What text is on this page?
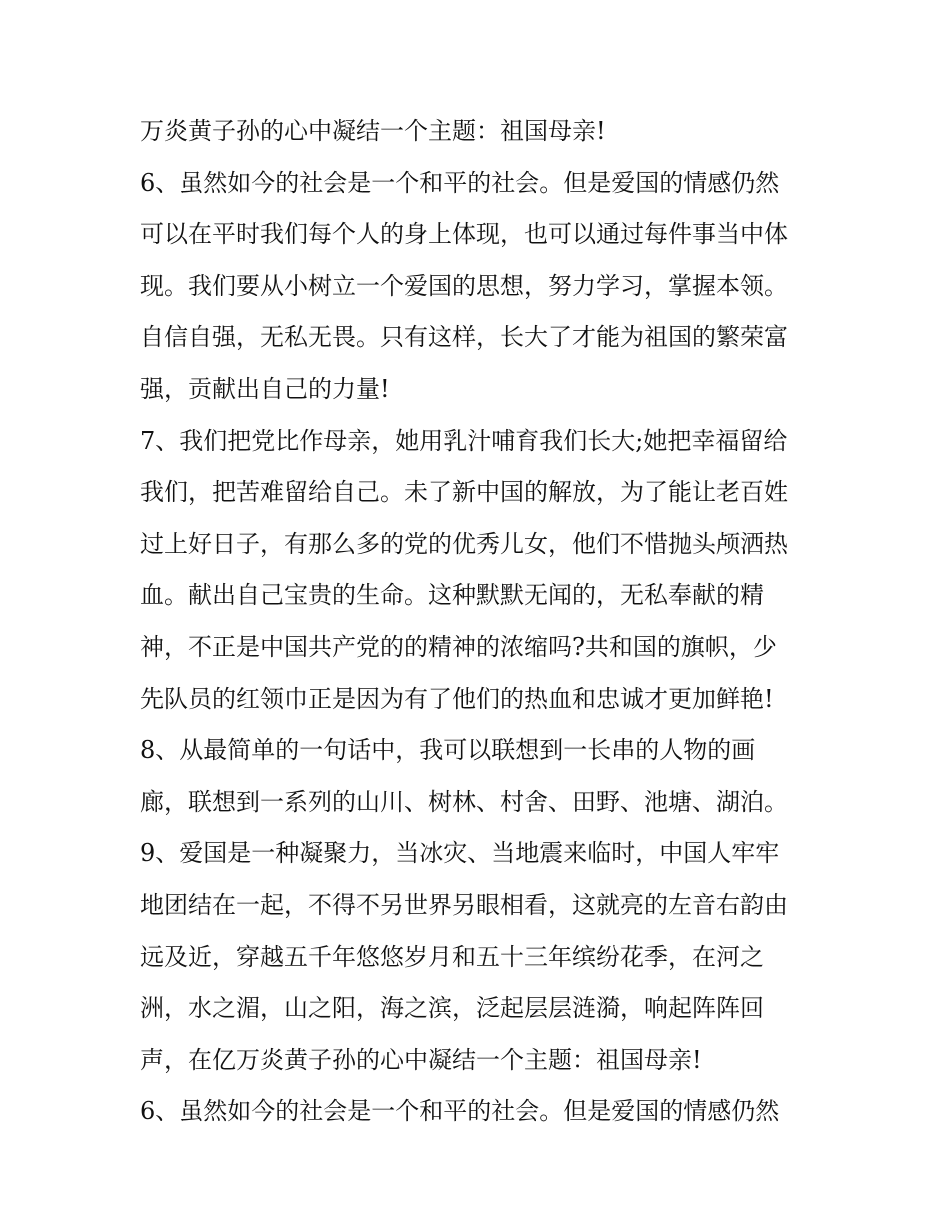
万炎黄子孙的心中凝结一个主题：祖国母亲!
6、虽然如今的社会是一个和平的社会。但是爱国的情感仍然
可以在平时我们每个人的身上体现，也可以通过每件事当中体
现。我们要从小树立一个爱国的思想，努力学习，掌握本领。
自信自强，无私无畏。只有这样，长大了才能为祖国的繁荣富
强，贡献出自己的力量!
7、我们把党比作母亲，她用乳汁哺育我们长大;她把幸福留给
我们，把苦难留给自己。未了新中国的解放，为了能让老百姓
过上好日子，有那么多的党的优秀儿女，他们不惜抛头颅洒热
血。献出自己宝贵的生命。这种默默无闻的，无私奉献的精
神，不正是中国共产党的的精神的浓缩吗?共和国的旗帜，少
先队员的红领巾正是因为有了他们的热血和忠诚才更加鲜艳!
8、从最简单的一句话中，我可以联想到一长串的人物的画
廊，联想到一系列的山川、树林、村舍、田野、池塘、湖泊。
9、爱国是一种凝聚力，当冰灾、当地震来临时，中国人牢牢
地团结在一起，不得不另世界另眼相看，这就亮的左音右韵由
远及近，穿越五千年悠悠岁月和五十三年缤纷花季，在河之
洲，水之湄，山之阳，海之滨，泛起层层涟漪，响起阵阵回
声，在亿万炎黄子孙的心中凝结一个主题：祖国母亲!
6、虽然如今的社会是一个和平的社会。但是爱国的情感仍然
